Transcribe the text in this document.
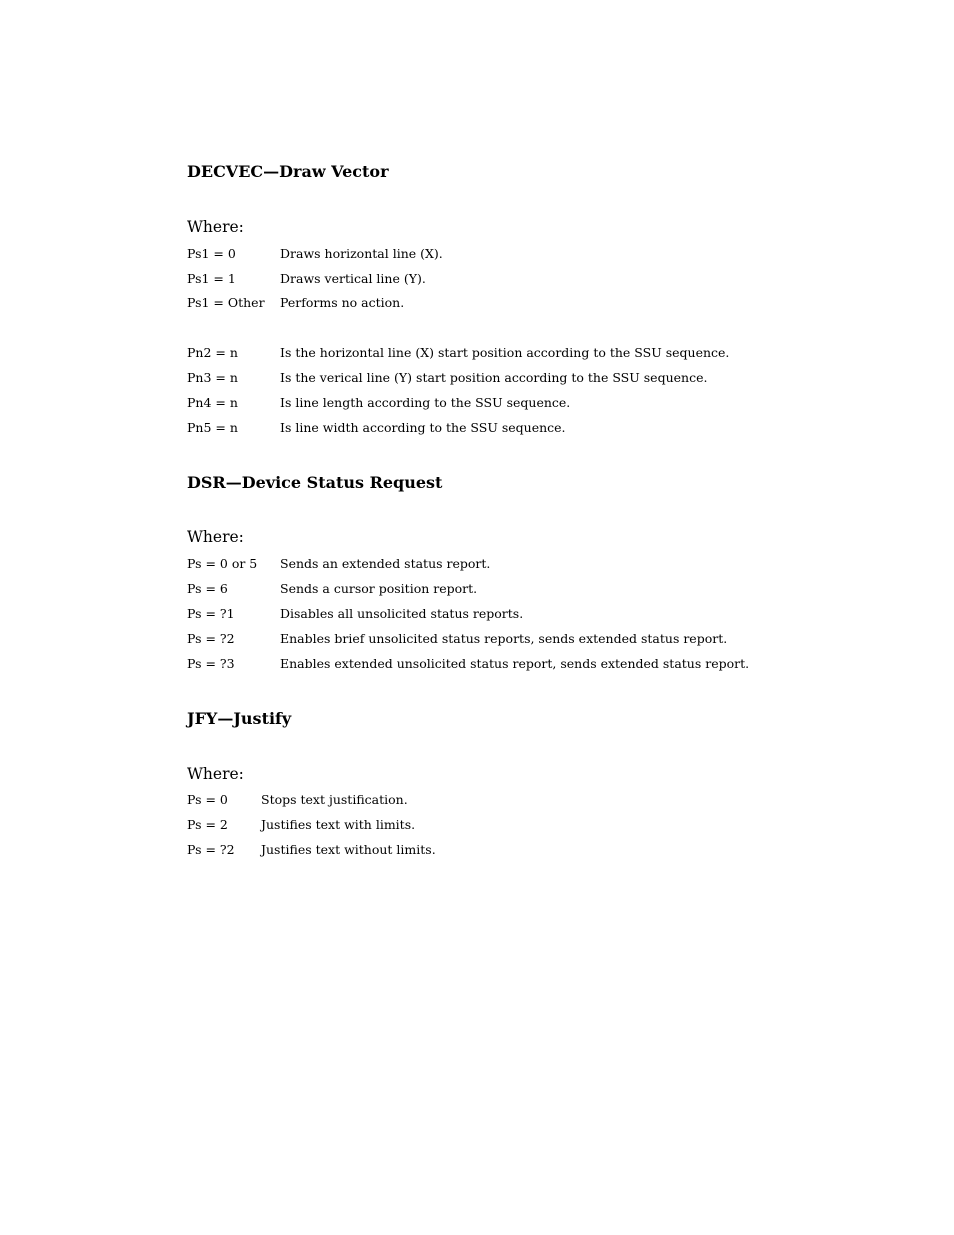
DECVEC—Draw Vector
Where:
Ps1 = 0	Draws horizontal line (X).
Ps1 = 1	Draws vertical line (Y).
Ps1 = Other Performs no action.
Pn2 = n	Is the horizontal line (X) start position according to the SSU sequence.
Pn3 = n	Is the verical line (Y) start position according to the SSU sequence.
Pn4 = n	Is line length according to the SSU sequence.
Pn5 = n	Is line width according to the SSU sequence.
DSR—Device Status Request
Where:
Ps = 0 or 5 Sends an extended status report.
Ps = 6	Sends a cursor position report.
Ps = ?1	Disables all unsolicited status reports.
Ps = ?2	Enables brief unsolicited status reports, sends extended status report.
Ps = ?3	Enables extended unsolicited status report, sends extended status report.
JFY—Justify
Where:
Ps = 0	Stops text justification.
Ps = 2	Justifies text with limits.
Ps = ?2 Justifies text without limits.
